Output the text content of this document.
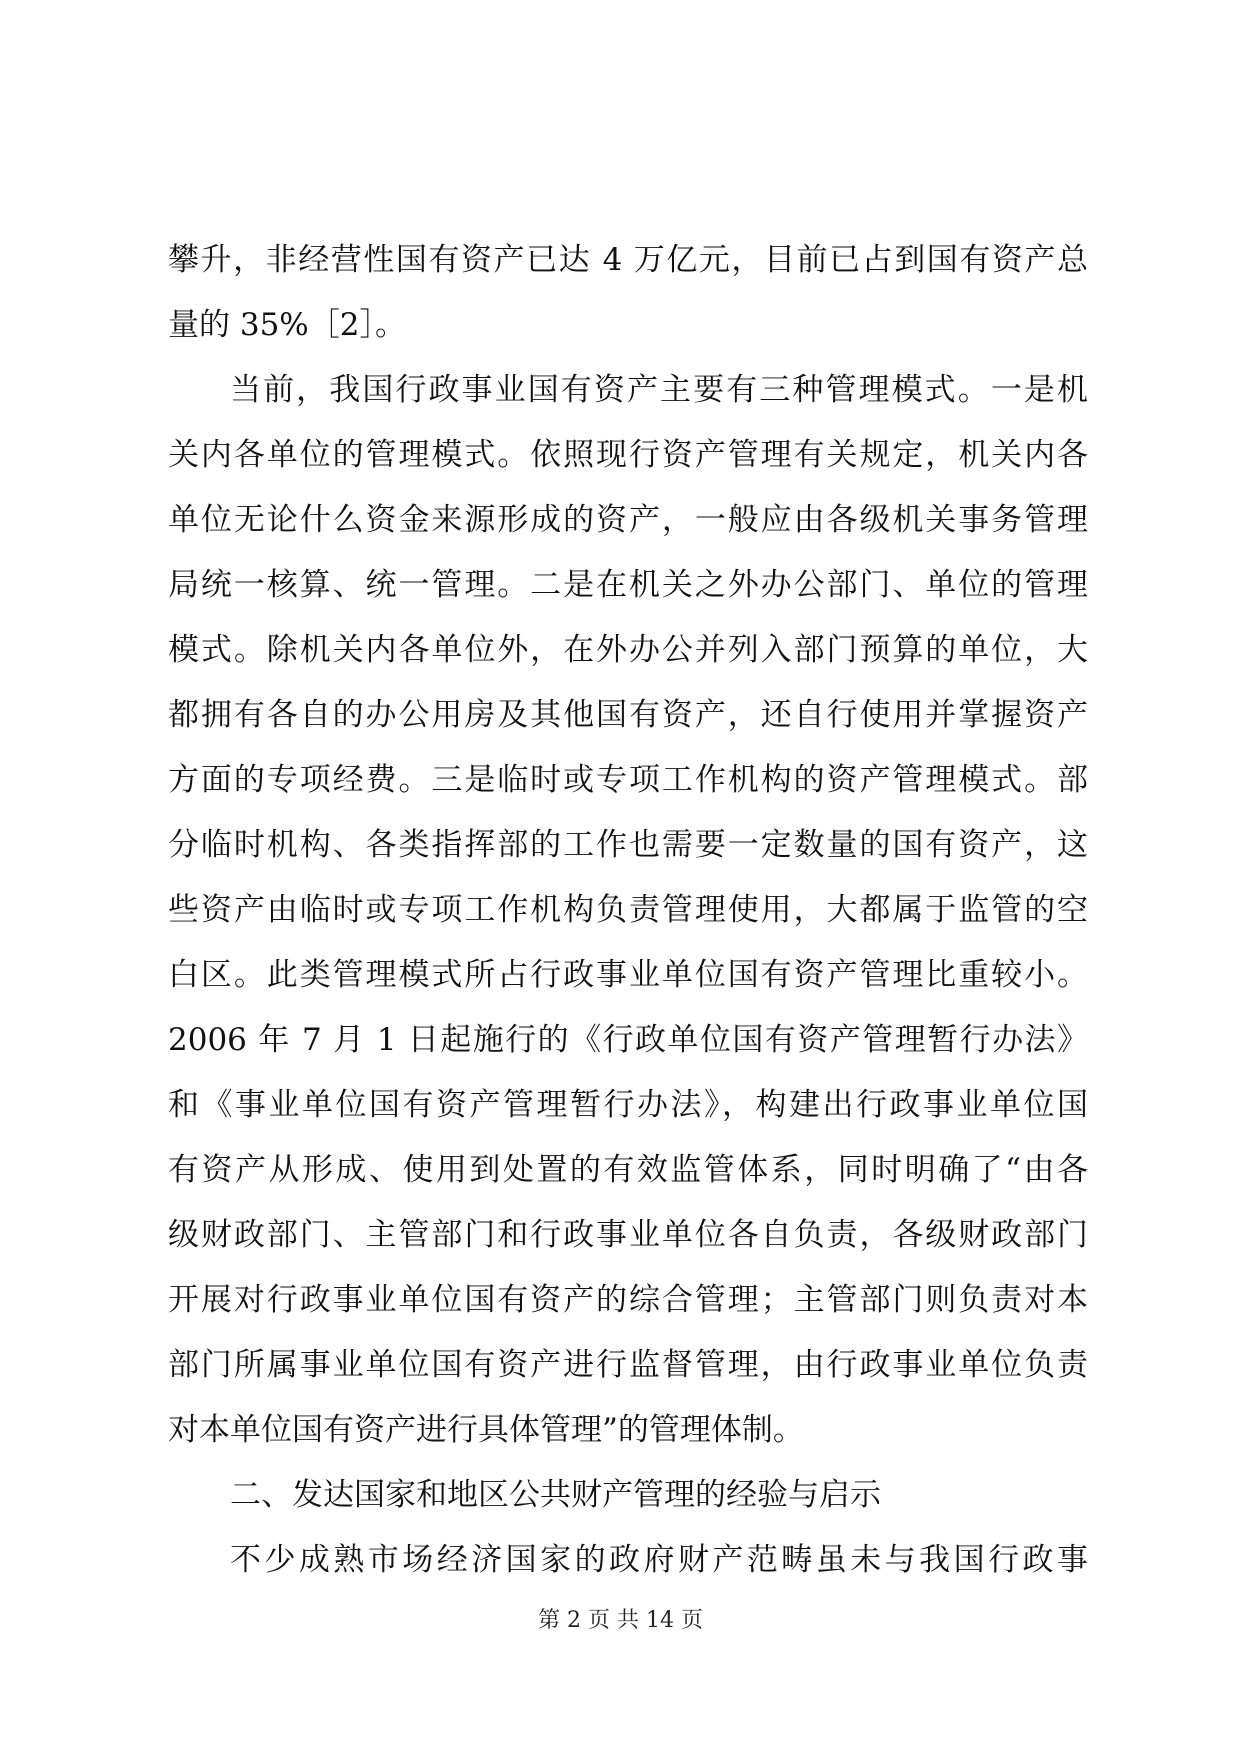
攀升，非经营性国有资产已达 4 万亿元，目前已占到国有资产总
量的 35%［2］。
当前，我国行政事业国有资产主要有三种管理模式。一是机
关内各单位的管理模式。依照现行资产管理有关规定，机关内各
单位无论什么资金来源形成的资产，一般应由各级机关事务管理
局统一核算、统一管理。二是在机关之外办公部门、单位的管理
模式。除机关内各单位外，在外办公并列入部门预算的单位，大
都拥有各自的办公用房及其他国有资产，还自行使用并掌握资产
方面的专项经费。三是临时或专项工作机构的资产管理模式。部
分临时机构、各类指挥部的工作也需要一定数量的国有资产，这
些资产由临时或专项工作机构负责管理使用，大都属于监管的空
白区。此类管理模式所占行政事业单位国有资产管理比重较小。
2006 年 7 月 1 日起施行的《行政单位国有资产管理暂行办法》
和《事业单位国有资产管理暂行办法》，构建出行政事业单位国
有资产从形成、使用到处置的有效监管体系，同时明确了“由各
级财政部门、主管部门和行政事业单位各自负责，各级财政部门
开展对行政事业单位国有资产的综合管理；主管部门则负责对本
部门所属事业单位国有资产进行监督管理，由行政事业单位负责
对本单位国有资产进行具体管理”的管理体制。
二、发达国家和地区公共财产管理的经验与启示
不少成熟市场经济国家的政府财产范畴虽未与我国行政事
第 2 页 共 14 页
